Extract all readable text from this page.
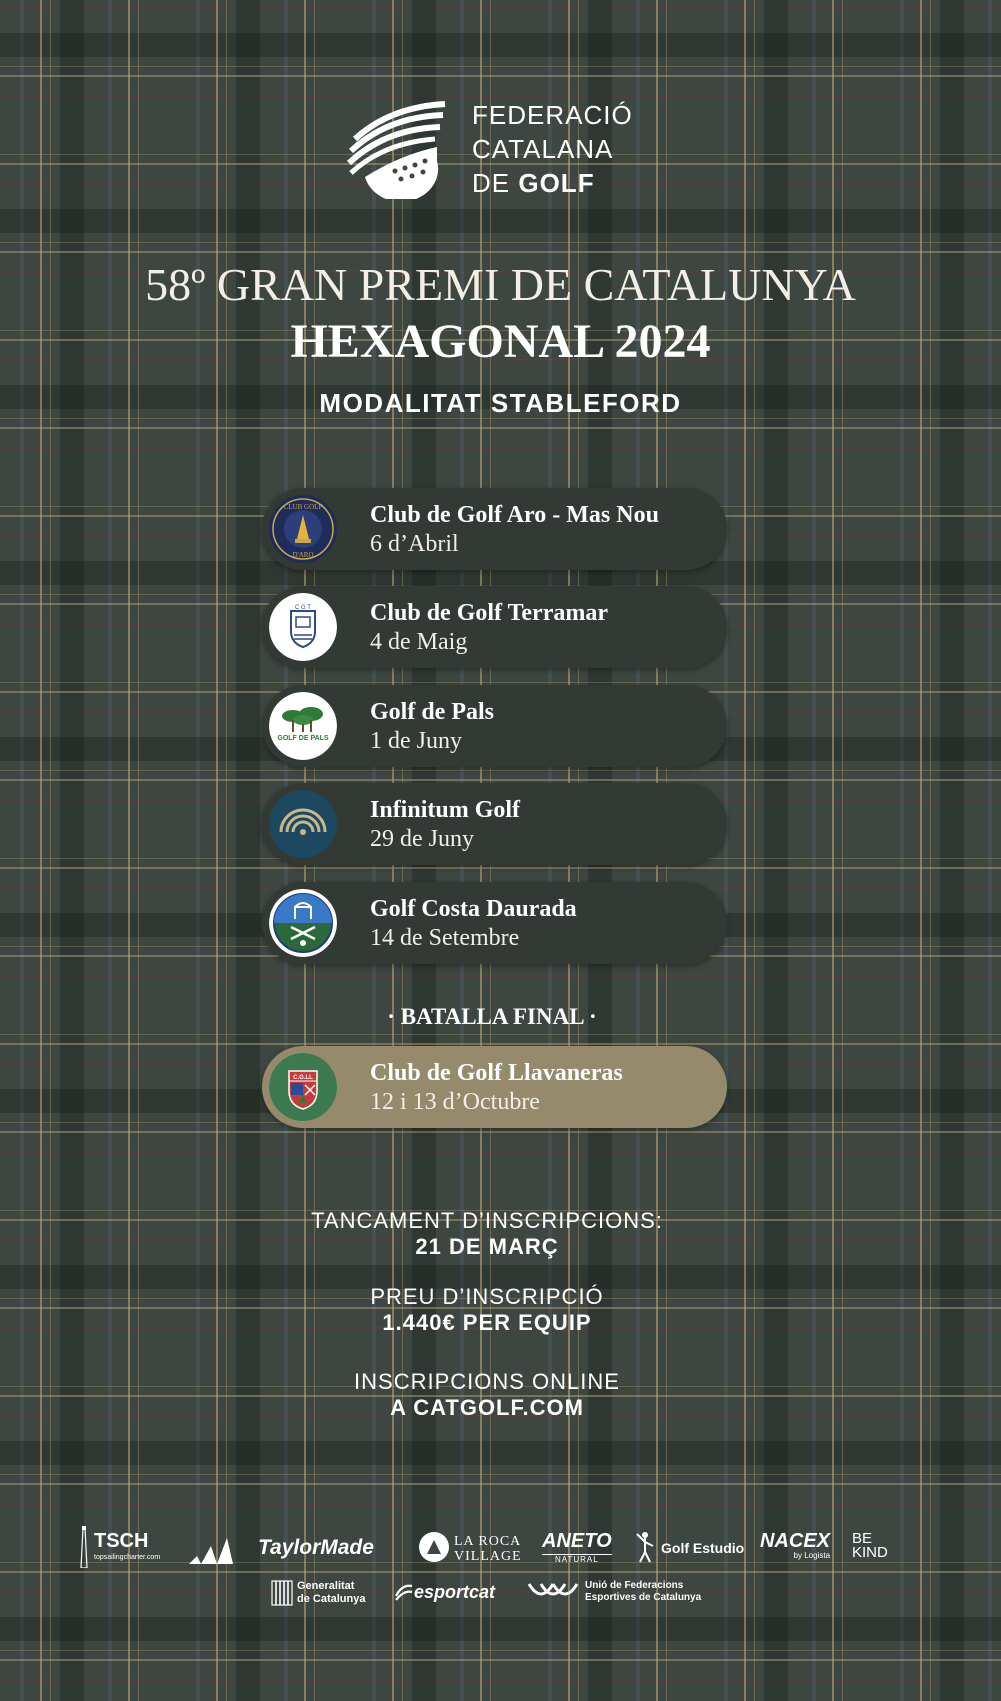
FEDERACIÓ
CATALANA
DE GOLF
58º GRAN PREMI DE CATALUNYA
HEXAGONAL 2024
MODALITAT STABLEFORD
CLUB GOLF
D'ARO
Club de Golf Aro - Mas Nou
6 d’Abril
C G T Club de Golf Terramar
4 de Maig
GOLF DE PALS
Golf de Pals
1 de Juny
Infinitum Golf
29 de Juny
Golf Costa Daurada
14 de Setembre
· BATALLA FINAL ·
C.G.LL Club de Golf Llavaneras
12 i 13 d’Octubre
TANCAMENT D’INSCRIPCIONS:
21 DE MARÇ
PREU D’INSCRIPCIÓ
1.440€ PER EQUIP
INSCRIPCIONS ONLINE
A CATGOLF.COM
TSCH
topsailingcharter.com	TaylorMade	LA ROCA
VILLAGE
ANETO
NATURAL
Golf Estudio NACEX
by Logista
BE
KIND
Generalitat
de Catalunya	esportcat	Unió de Federacions
Esportives de Catalunya
